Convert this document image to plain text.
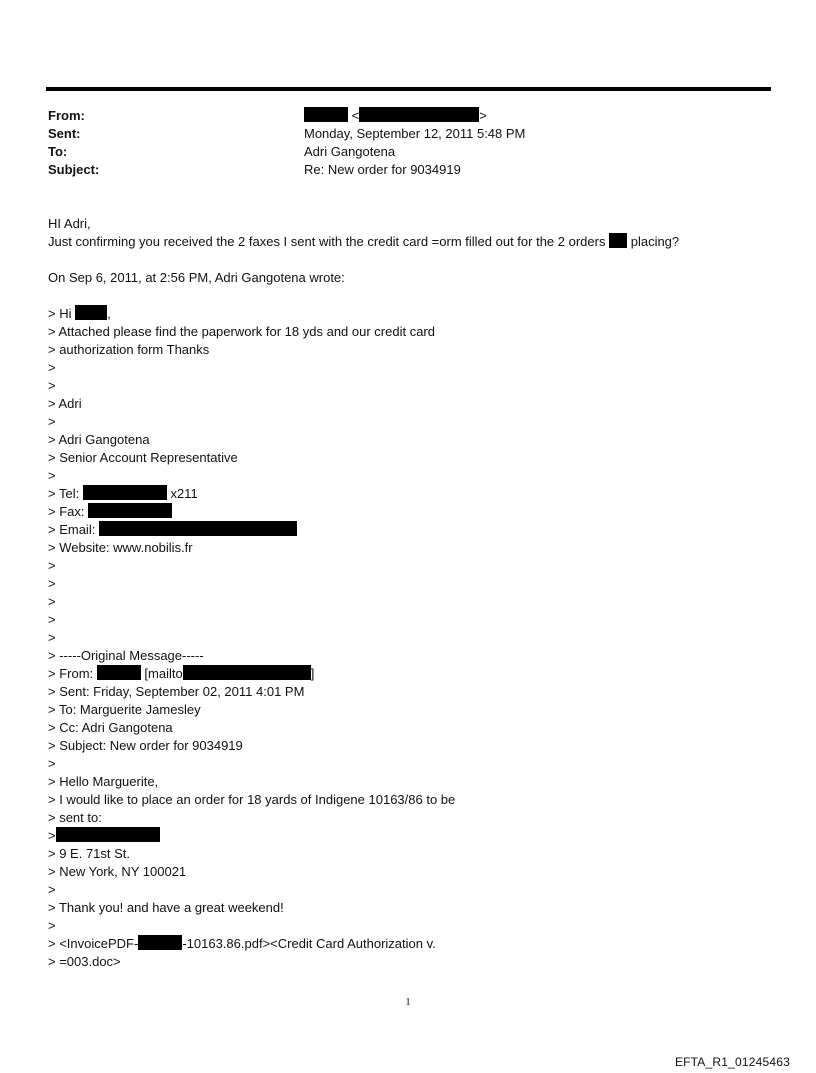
From:	<	>
Sent:	Monday, September 12, 2011 5:48 PM
To:	Adri Gangotena
Subject:	Re: New order for 9034919
HI Adri,
Just confirming you received the 2 faxes I sent with the credit card =orm filled out for the 2 orders placing?
On Sep 6, 2011, at 2:56 PM, Adri Gangotena wrote:
> Hi	,
> Attached please find the paperwork for 18 yds and our credit card
> authorization form Thanks
>
>
> Adri
>
> Adri Gangotena
> Senior Account Representative
>
> Tel:	x211
> Fax:
> Email:
> Website: www.nobilis.fr
>
>
>
>
>
> -----Original Message-----
> From:	[mailto	]
> Sent: Friday, September 02, 2011 4:01 PM
> To: Marguerite Jamesley
> Cc: Adri Gangotena
> Subject: New order for 9034919
>
> Hello Marguerite,
> I would like to place an order for 18 yards of Indigene 10163/86 to be
> sent to:
>
> 9 E. 71st St.
> New York, NY 100021
>
> Thank you! and have a great weekend!
>
> <InvoicePDF-	-10163.86.pdf><Credit Card Authorization v.
> =003.doc>
1
EFTA_R1_01245463
